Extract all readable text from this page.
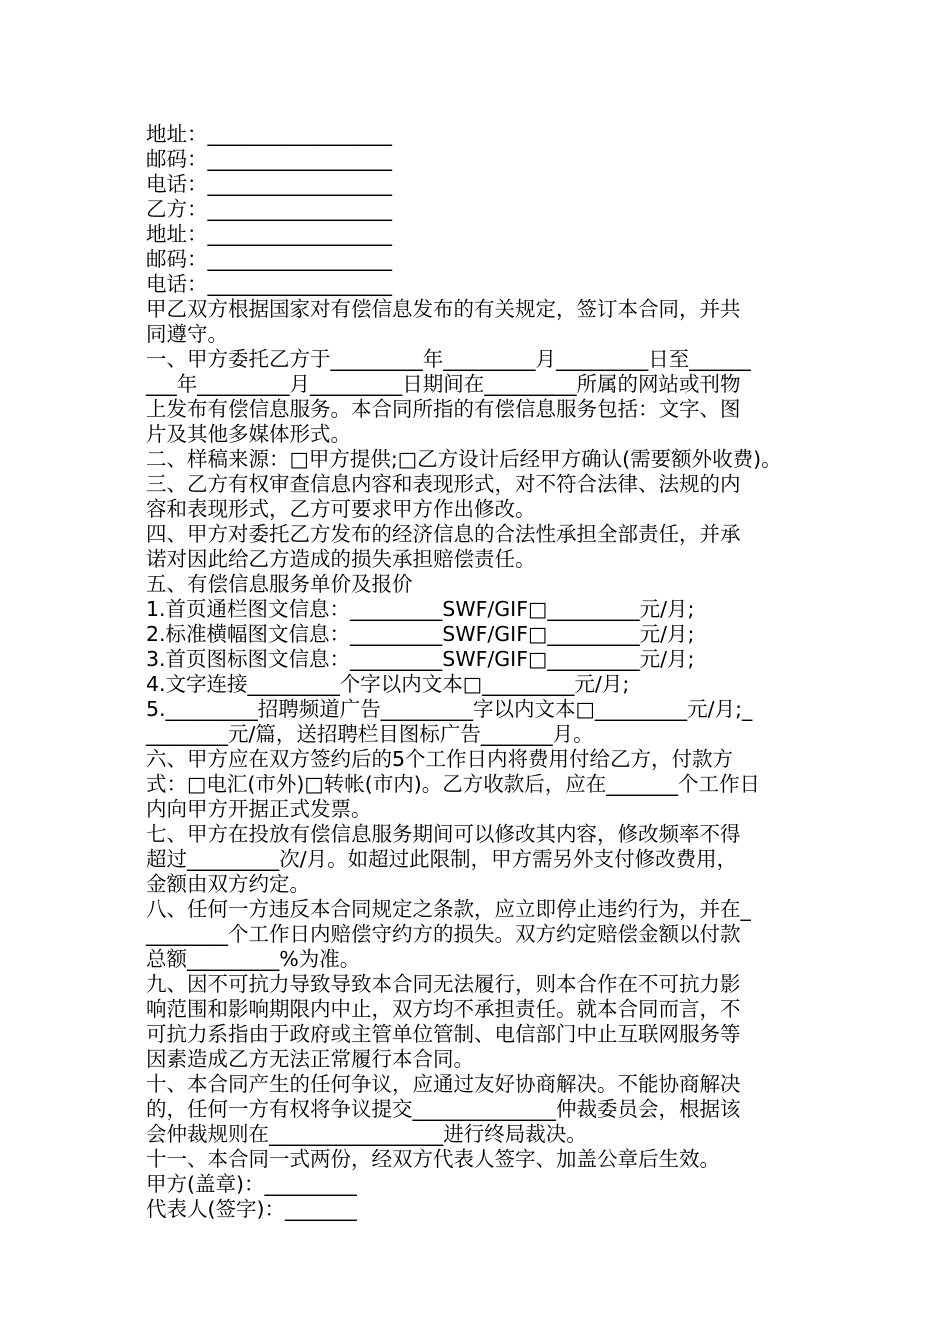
地址：__________________
邮码：__________________
电话：__________________
乙方：__________________
地址：__________________
邮码：__________________
电话：__________________
甲乙双方根据国家对有偿信息发布的有关规定，签订本合同，并共
同遵守。
一、甲方委托乙方于_________年_________月_________日至______
___年_________月_________日期间在_________所属的网站或刊物
上发布有偿信息服务。本合同所指的有偿信息服务包括：文字、图
片及其他多媒体形式。
二、样稿来源：□甲方提供;□乙方设计后经甲方确认(需要额外收费)。
三、乙方有权审查信息内容和表现形式，对不符合法律、法规的内
容和表现形式，乙方可要求甲方作出修改。
四、甲方对委托乙方发布的经济信息的合法性承担全部责任，并承
诺对因此给乙方造成的损失承担赔偿责任。
五、有偿信息服务单价及报价
1.首页通栏图文信息：_________SWF/GIF□_________元/月;
2.标准横幅图文信息：_________SWF/GIF□_________元/月;
3.首页图标图文信息：_________SWF/GIF□_________元/月;
4.文字连接_________个字以内文本□_________元/月;
5._________招聘频道广告_________字以内文本□_________元/月;_
________元/篇，送招聘栏目图标广告_______月。
六、甲方应在双方签约后的5个工作日内将费用付给乙方，付款方
式：□电汇(市外)□转帐(市内)。乙方收款后，应在_______个工作日
内向甲方开据正式发票。
七、甲方在投放有偿信息服务期间可以修改其内容，修改频率不得
超过_________次/月。如超过此限制，甲方需另外支付修改费用，
金额由双方约定。
八、任何一方违反本合同规定之条款，应立即停止违约行为，并在_
________个工作日内赔偿守约方的损失。双方约定赔偿金额以付款
总额_________%为准。
九、因不可抗力导致导致本合同无法履行，则本合作在不可抗力影
响范围和影响期限内中止，双方均不承担责任。就本合同而言，不
可抗力系指由于政府或主管单位管制、电信部门中止互联网服务等
因素造成乙方无法正常履行本合同。
十、本合同产生的任何争议，应通过友好协商解决。不能协商解决
的，任何一方有权将争议提交______________仲裁委员会，根据该
会仲裁规则在_________________进行终局裁决。
十一、本合同一式两份，经双方代表人签字、加盖公章后生效。
甲方(盖章)：_________
代表人(签字)：_______
